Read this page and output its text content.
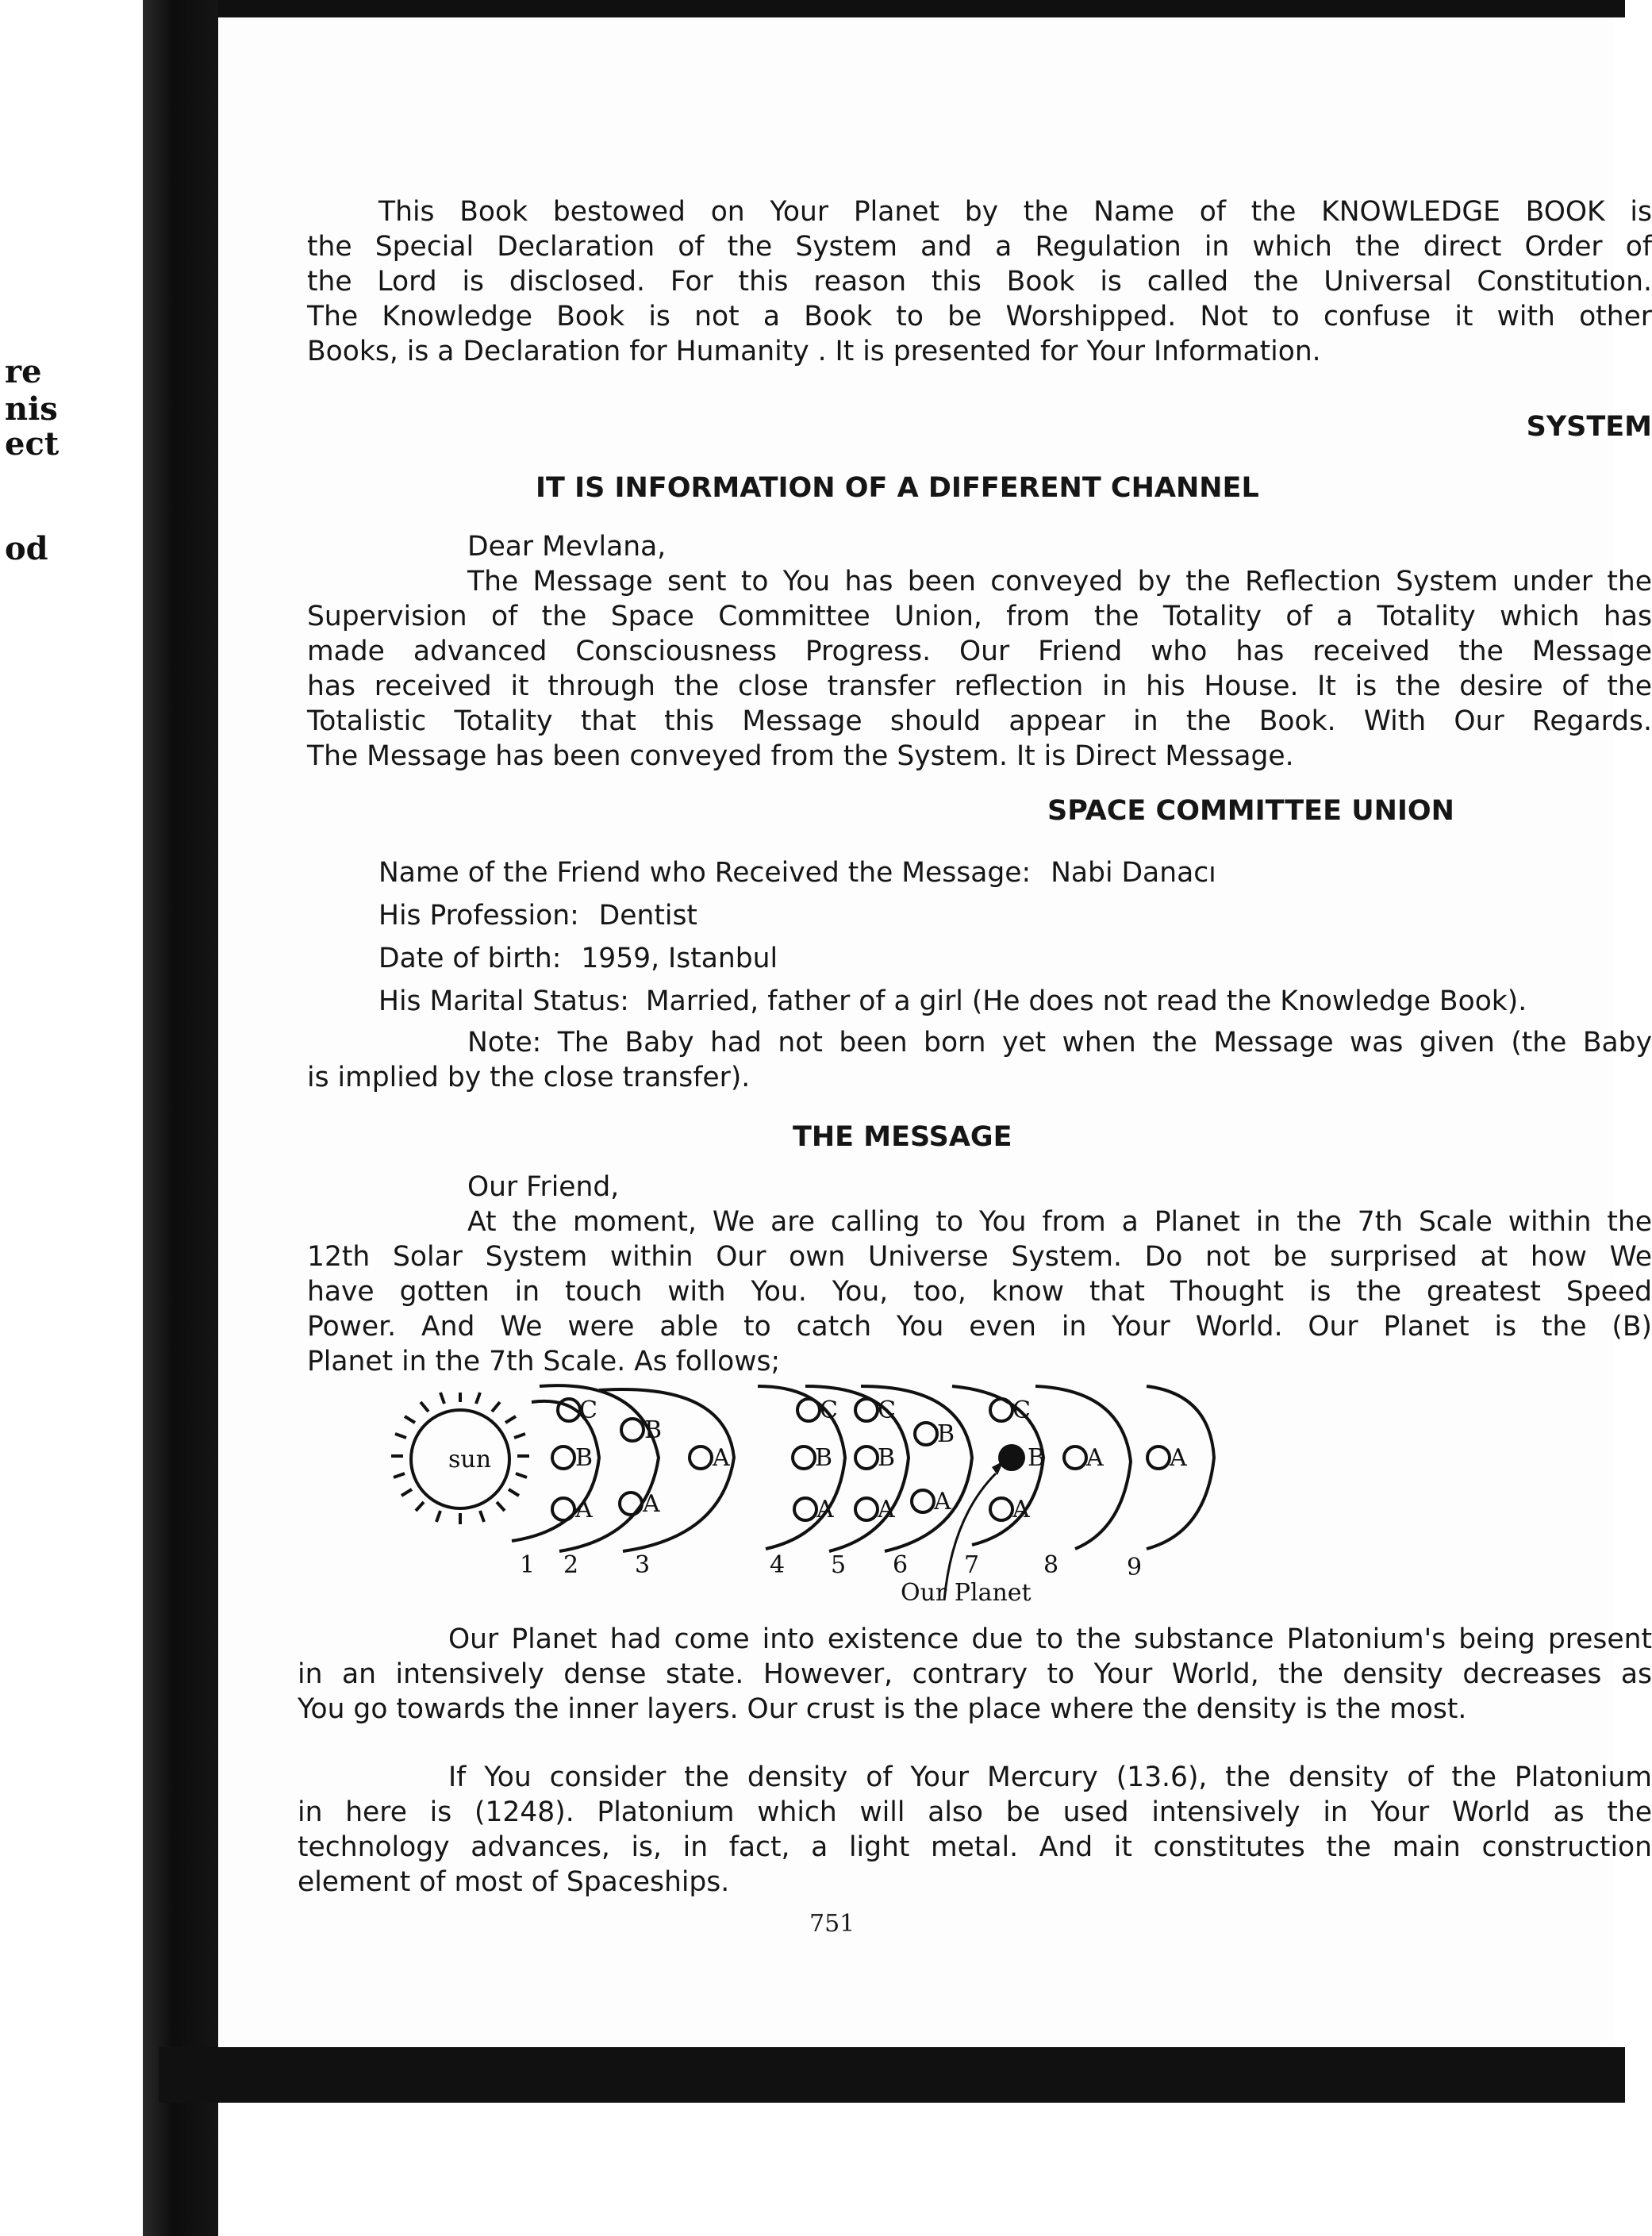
re
nis
ect
od
This Book bestowed on Your Planet by the Name of the KNOWLEDGE BOOK is
the Special Declaration of the System and a Regulation in which the direct Order of
the Lord is disclosed. For this reason this Book is called the Universal Constitution.
The Knowledge Book is not a Book to be Worshipped. Not to confuse it with other
Books, is a Declaration for Humanity . It is presented for Your Information.
SYSTEM
IT IS INFORMATION OF A DIFFERENT CHANNEL
Dear Mevlana,
The Message sent to You has been conveyed by the Reflection System under the
Supervision of the Space Committee Union, from the Totality of a Totality which has
made advanced Consciousness Progress. Our Friend who has received the Message
has received it through the close transfer reflection in his House. It is the desire of the
Totalistic Totality that this Message should appear in the Book. With Our Regards.
The Message has been conveyed from the System. It is Direct Message.
SPACE COMMITTEE UNION
Name of the Friend who Received the Message: Nabi Danacı
His Profession: Dentist
Date of birth: 1959, Istanbul
His Marital Status: Married, father of a girl (He does not read the Knowledge Book).
Note: The Baby had not been born yet when the Message was given (the Baby
is implied by the close transfer).
THE MESSAGE
Our Friend,
At the moment, We are calling to You from a Planet in the 7th Scale within the
12th Solar System within Our own Universe System. Do not be surprised at how We
have gotten in touch with You. You, too, know that Thought is the greatest Speed
Power. And We were able to catch You even in Your World. Our Planet is the (B)
Planet in the 7th Scale. As follows;
sun
C
B
A
B
A
A
C
B
A
C
B
A
B
A
C
B
A
A	A
1 2 3	4 5 6 7	8	9
Our Planet
Our Planet had come into existence due to the substance Platonium's being present
in an intensively dense state. However, contrary to Your World, the density decreases as
You go towards the inner layers. Our crust is the place where the density is the most.
If You consider the density of Your Mercury (13.6), the density of the Platonium
in here is (1248). Platonium which will also be used intensively in Your World as the
technology advances, is, in fact, a light metal. And it constitutes the main construction
element of most of Spaceships.
751
